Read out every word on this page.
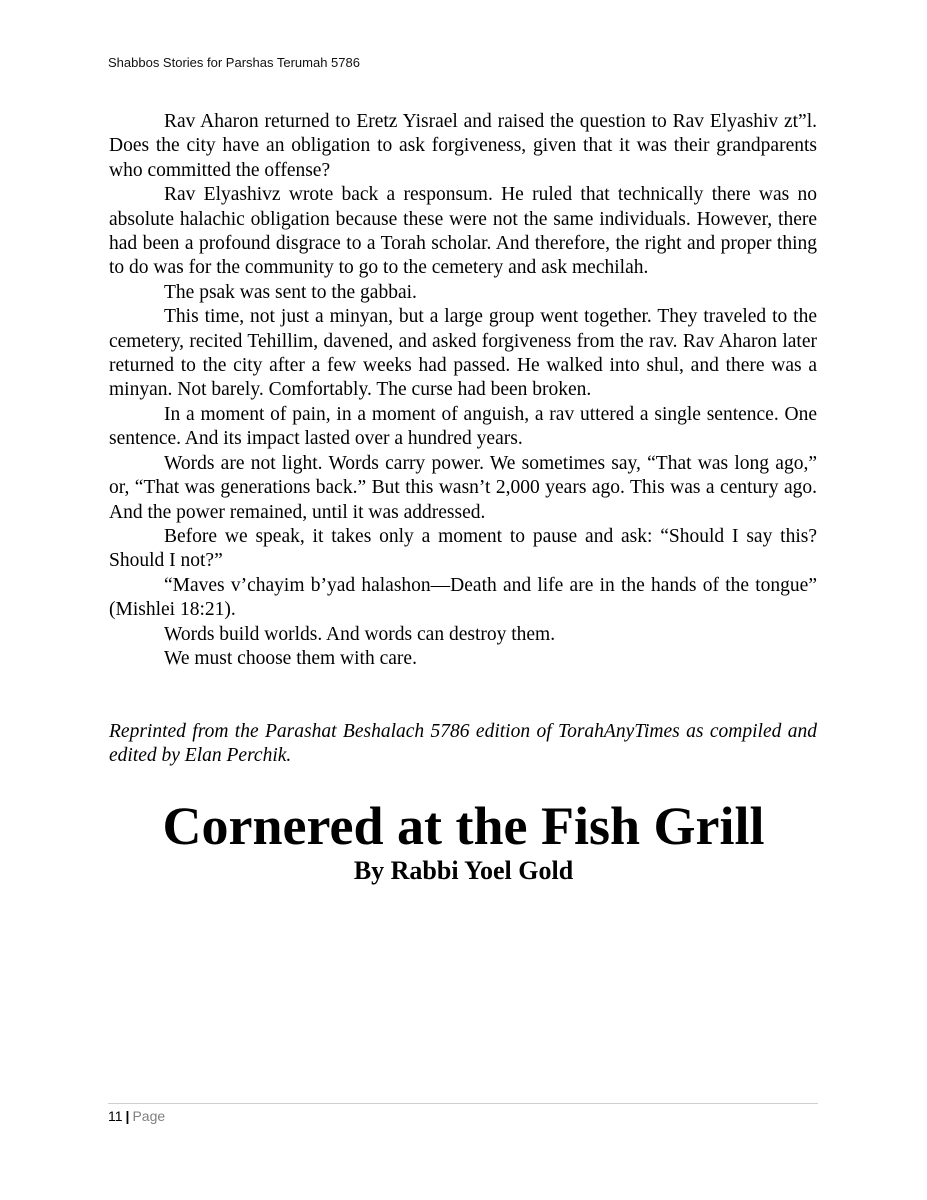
Shabbos Stories for Parshas Terumah 5786

Rav Aharon returned to Eretz Yisrael and raised the question to Rav Elyashiv zt”l. Does the city have an obligation to ask forgiveness, given that it was their grandparents who committed the offense?

Rav Elyashivz wrote back a responsum. He ruled that technically there was no absolute halachic obligation because these were not the same individuals. However, there had been a profound disgrace to a Torah scholar. And therefore, the right and proper thing to do was for the community to go to the cemetery and ask mechilah.

The psak was sent to the gabbai.

This time, not just a minyan, but a large group went together. They traveled to the cemetery, recited Tehillim, davened, and asked forgiveness from the rav. Rav Aharon later returned to the city after a few weeks had passed. He walked into shul, and there was a minyan. Not barely. Comfortably. The curse had been broken.

In a moment of pain, in a moment of anguish, a rav uttered a single sentence. One sentence. And its impact lasted over a hundred years.

Words are not light. Words carry power. We sometimes say, “That was long ago,” or, “That was generations back.” But this wasn’t 2,000 years ago. This was a century ago. And the power remained, until it was addressed.

Before we speak, it takes only a moment to pause and ask: “Should I say this? Should I not?”

“Maves v’chayim b’yad halashon—Death and life are in the hands of the tongue” (Mishlei 18:21).

Words build worlds. And words can destroy them.

We must choose them with care.

Reprinted from the Parashat Beshalach 5786 edition of TorahAnyTimes as compiled and edited by Elan Perchik.
Cornered at the Fish Grill
By Rabbi Yoel Gold
11 | Page
